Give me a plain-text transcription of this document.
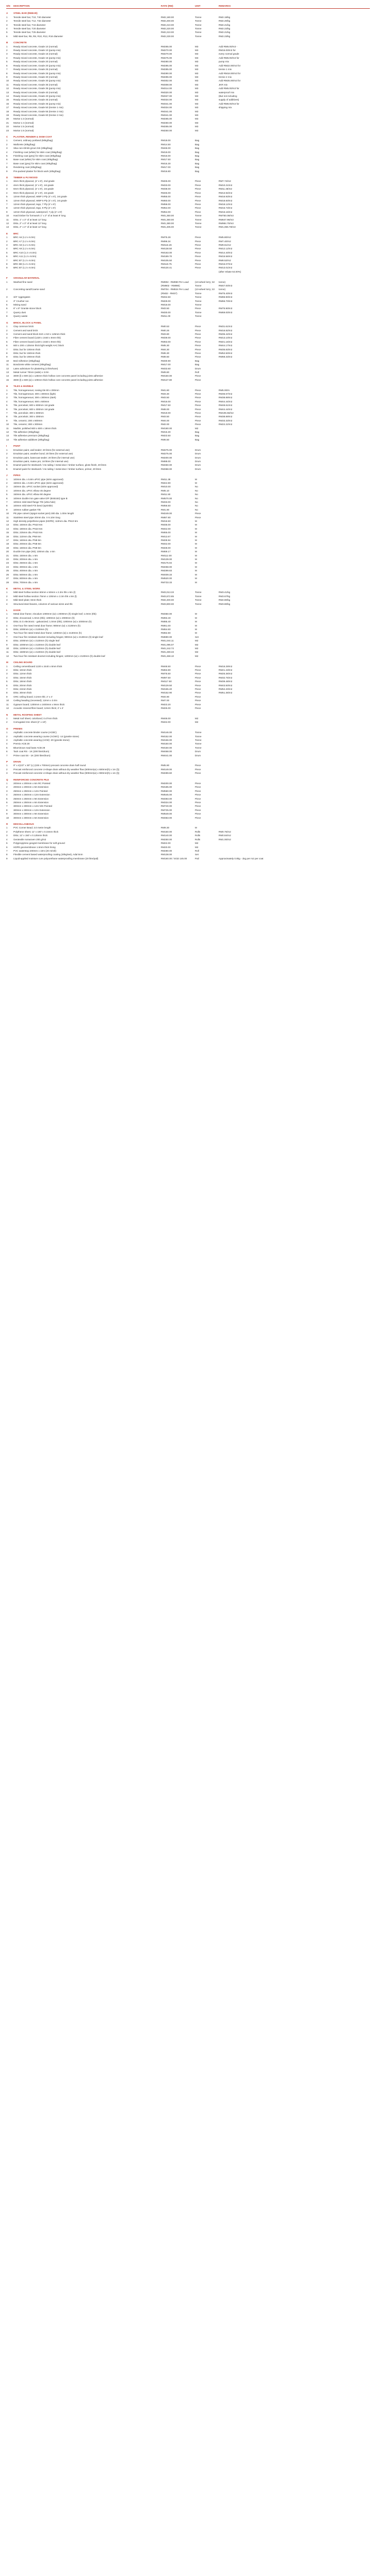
S/N	DESCRIPTION	RATE (RM)	UNIT	REMARKS
A	STEEL BAR (REBAR)
1	Tensile steel bar, T10, T40 diameter	RM2,180.00	Tonne	RM2.18/kg
2	Tensile steel bar, T12, T32 diameter	RM2,200.00	Tonne	RM2.20/kg
3	Tensile steel bar, T16 diameter	RM2,210.00	Tonne	RM2.21/kg
4	Tensile steel bar, T20 diameter	RM2,220.00	Tonne	RM2.22/kg
5	Tensile steel bar, T25 diameter	RM2,210.00	Tonne	RM2.21/kg
6	Mild steel bar, R6, R8, R10, R12, R16 diameter	RM2,230.00	Tonne	RM2.23/kg
B	CONCRETE
1	Ready mixed concrete, Grade 10 (normal)	RM265.00	M3	Add RM5.00/m3 -
2	Ready mixed concrete, Grade 10 (pump mix)	RM270.00	M3	RM15.00/m3 for
3	Ready mixed concrete, Grade 15 (normal)	RM270.00	M3	every normal grade
4	Ready mixed concrete, Grade 15 (pump mix)	RM275.00	M3	Add RM6.00/m3 for
5	Ready mixed concrete, Grade 20 (normal)	RM280.00	M3	pump mix
6	Ready mixed concrete, Grade 20 (pump mix)	RM285.00	M3	Add RM22.00/m3 for
7	Ready mixed concrete, Grade 25 (normal)	RM285.00	M3	tremie 1 mix
8	Ready mixed concrete, Grade 25 (pump mix)	RM290.00	M3	Add RM18.00/m3 for
9	Ready mixed concrete, Grade 30 (normal)	RM296.00	M3	tremie 2 mix
10	Ready mixed concrete, Grade 30 (pump mix)	RM302.00	M3	Add RM25.00/m3 for
11	Ready mixed concrete, Grade 35 (normal)	RM308.00	M3	JKR mix
12	Ready mixed concrete, Grade 35 (pump mix)	RM314.00	M3	Add RM5.00/m3 for
13	Ready mixed concrete, Grade 40 (normal)	RM320.00	M3	waterproof mix
14	Ready mixed concrete, Grade 40 (pump mix)	RM327.00	M3	(But not including
15	Ready mixed concrete, Grade 45 (normal)	RM334.00	M3	supply of additives)
16	Ready mixed concrete, Grade 45 (pump mix)	RM341.00	M3	Add RM8.00/m3 for
17	Ready mixed concrete, Grade 50 (tremie 1 mix)	RM334.00	M3	shipping mix
18	Ready mixed concrete, Grade 55 (tremie 2 mix)	RM341.00	M3
19	Ready mixed concrete, Grade 60 (tremie 2 mix)	RM341.00	M3
20	Mortar 1:3 (normal)	RM265.00	M3
21	Mortar 1:4 (normal)	RM260.00	M3
22	Mortar 1:5 (normal)	RM255.00	M3
23	Mortar 1:6 (normal)	RM250.00	M3
C	PLASTER, RENDER & SKIM COAT
1	Cement, ordinary portland (50kg/bag)	RM18.00	Bag
2	Wallcrete (40kg/bag)	RM14.50	Bag
3	Sika non-shrink grout 215 (25kg/bag)	RM48.00	Bag
4	Finishing coat (white) for skim coat (25kg/bag)	RM19.00	Bag
5	Finishing coat (grey) for skim coat (40kg/bag)	RM16.00	Bag
6	Base coat (white) for skim coat (40kg/bag)	RM17.50	Bag
7	Base coat (grey) for skim coat (40kg/bag)	RM15.30	Bag
8	Rendering coat (40kg/bag)	RM17.00	Bag
9	Pre-packed plaster for block work (40kg/bag)	RM16.80	Bag
D	TIMBER & PLYWOOD
1	3mm thick plywood, (4' x 8'), 2nd grade	RM25.00	Piece	RM7.74/m2
2	4mm thick plywood, (4' x 8'), 1st grade	RM33.00	Piece	RM10.21/m2
3	6mm thick plywood, (4' x 8'), 1st grade	RM38.00	Piece	RM11.46/m2
4	9mm thick plywood, (4' x 8'), 1st grade	RM45.00	Piece	RM13.94/m2
5	12mm thick plywood, WBP 3 Ply (4' x 8'), 1st grade	RM55.00	Piece	RM16.93/m2
6	12mm thick plywood, WBP 5 Ply (4' x 8'), 1st grade	RM60.00	Piece	RM18.60/m2
7	12mm thick plywood, tego, 7 Ply (4' x 8')	RM58.00	Piece	RM18.12/m2
8	12mm thick plywood, tego, 9 Ply (4' x 8')	RM54.00	Piece	RM16.73/m2
9	12mm thick plywood, waterproof, 7 ply (4' x 8')	RM54.00	Piece	RM16.16/m2
10	Hard timber for formwork 1" x 2" of at least 8' long	RM1,350.00	Tonne	RM750.08/m3
11	Ditto, 1" x 3" of at least 12' long	RM1,360.00	Tonne	RM847.96/m3
12	Ditto, 2" x 3" of at least 12' long	RM1,380.00	Tonne	RM984.70/m3
13	Ditto, 2" x 4" of at least 12' long	RM1,405.00	Tonne	RM1,066.78/m3
E	BRC
1	BRC A6 (1.2 x 6.0m)	RM75.28	Piece	RM5.80/m2
2	BRC A7 (1.2 x 6.0m)	RM96.34	Piece	RM7.40/m2
3	BRC A8 (1.2 x 6.0m)	RM116.26	Piece	RM9.61/m2
4	BRC A9 (1.2 x 6.0m)	RM138.50	Piece	RM12.12/m2
5	BRC A10 (1.2 x 6.0m)	RM163.00	Piece	RM14.40/m2
6	BRC A11 (1.2 x 6.0m)	RM189.70	Piece	RM15.56/m2
7	BRC B7 (1.2 x 6.0m)	RM105.50	Piece	RM8.52/m2
8	BRC B8 (1.2 x 6.0m)	RM119.75	Piece	RM15.07/m2
9	BRC B7 (1.2 x 6.0m)	RM130.41	Piece	RM13.01/m2
(after rebate 64.00%)
F	GRANULAR MATERIAL
1	Washed fine sand	RM902 - RM990 Per Load	(10-wheel lorry; 32	tonne)
(RM902 - RM990)	Tonne	RM47.00/m3
2	Concreting sand/Coarse sand	RM704 - RM824 Per Load	(10-wheel lorry; 22	tonne)
(RM32 - RM37)	Tonne	RM75.40/m3
3	3/4" Aggregates	RM34.50	Tonne	RM86.90/m3
4	3" Crusher run	RM29.00	Tonne	RM66.70/m3
5	Mining sand	RM16.00	Tonne
6	6" x 9" Granite stone block	RM3.50	Piece	RM75.90/m3
7	Quarry dust	RM30.00	Tonne	RM69.00/m3
8	Quarry waste	RM11.00	Tonne
G	BRICK, BLOCK & PANEL
1	Clay common brick	RM0.53	Piece	RM31.61/m2
2	Cement and sand brick	RM0.26	Piece	RM16.82/m2
3	Cement and sand block 610 x 210 x 125mm thick	RM3.80	Piece	RM35.42/m2
4	Fibre cement board (1220 x 2440 x 6mm thk)	RM39.00	Piece	RM13.10/m2
5	Fibre cement board (1220 x 2440 x 9mm thk)	RM63.00	Piece	RM21.16/m2
6	600 x 200 x 125mm thick light weight AAC block	RM5.30	Piece	RM44.17/m2
7	Ditto; but for 100mm thick	RM4.30	Piece	RM35.83/m2
8	Ditto; but for 150mm thick	RM6.30	Piece	RM52.50/m2
9	Ditto; but for 200mm thick	RM8.60	Piece	RM68.33/m2
10	Bed Adhesive (40kg/bag)	RM30.90	Bag
11	Bondcrete white cement (20kg/bag)	RM17.00	Bag
12	Latex admixture for plastering (4 litre/tune)	RM33.60	Drum
13	Metal runner 70mm (wide) x 3.0m	RM9.80	Roll
14	3000 (l) x 600 (w) x 125mm thick hollow core concrete panel including joints adhesive	RM150.00	Piece
15	3000 (l) x 600 (w) x 100mm thick hollow core concrete panel including joints adhesive	RM127.80	Piece
H	TILES & MARBLE
1	Tile, homogeneous; nosing tile 80 x 200mm	RM1.80	Piece	RM5.00/m
2	Tile, homogeneous; 300 x 300mm (light)	RM3.30	Piece	RM36.67/m2
3	Tile, homogeneous; 300 x 300mm (dark)	RM3.50	Piece	RM38.89/m2
4	Tile, homogeneous; 600 x 600mm	RM16.00	Piece	RM44.44/m2
5	Tile, porcelain; 600 x 600mm 1st grade	RM17.50	Piece	RM48.61/m2
6	Tile, porcelain; 600 x 300mm 1st grade	RM8.00	Piece	RM44.44/m2
7	Tile, porcelain; 300 x 600mm	RM19.00	Piece	RM105.56/m2
8	Tile, porcelain; 300 x 300mm	RM3.50	Piece	RM38.89/m2
9	Tile, ceramic; 200 x 600mm	RM4.00	Piece	RM33.33/m2
10	Tile, ceramic; 300 x 300mm	RM2.00	Piece	RM22.22/m2
11	Marble; polished 600 x 600 x 18mm thick	RM180.00	M2
12	Tile adhesive (25kg/bag)	RM15.30	Bag
13	Tile adhesive premium (25kg/bag)	RM23.50	Bag
14	Tile adhesive additives (20kg/bag)	RM6.50	Bag
I	PAINT
1	Emulsion paint, wall sealer; 20 litres (for external use)	RM275.00	Drum
2	Emulsion paint, weather bond; 20 litres (for external use)	RM275.00	Drum
3	Emulsion paint, basecoat sealer; 20 litres (for internal use)	RM200.00	Drum
4	Emulsion paint, matex pro; 18 litres (for internal use)	RM88.00	Drum
5	Enamel paint for steelwork / ms railing / metal door / timber surface, gloss finish, 20 litres	RM450.00	Drum
6	Enamel paint for steelwork / ms railing / metal door / timber surface, primer, 20 litres	RM368.00	Drum
J	PIPES
1	100mm dia. x 5.8m uPVC pipe (sirim approved)	RM11.38	M
2	150mm dia. x 5.8m uPVC pipe (sirim approved)	RM24.90	M
3	150mm dia. uPVC socket (sirim approved)	RM10.00	No
4	100mm dia. uPVC elbow 45 degree	RM5.10	No
5	150mm dia. uPVC elbow 90 degree	RM11.50	No
6	100mm ductile iron gate valve D/F (BS5163) type B	RM570.00	No
7	100mm mild steel flange T/E (ultra hole)	RM33.00	No
8	100mm mild steel F/S bend (sprinkle)	RM56.50	No
9	100mm rubber gasket T/E	RM1.90	No
10	PE pipe culvert (spigot socket joint) 300 dia. 1.00m length	RM249.00	Piece
11	Stainless steel pipe 20mm dia. X 6.10m long	RM87.80	Piece
12	High density polyethene pipes (HDPE); 110mm dia. PN10 6m	RM16.50	M
13	Ditto; 160mm dia. PN10 6m	RM35.00	M
14	Ditto; 180mm dia. PN10 6m	RM42.00	M
15	Ditto; 225mm dia. PN10 6m	RM65.00	M
16	Ditto; 110mm dia. PN8 6m	RM13.67	M
17	Ditto; 160mm dia. PN8 6m	RM28.94	M
18	Ditto; 200mm dia. PN8 6m	RM42.00	M
19	Ditto; 160mm dia. PN8 6m	RM28.00	M
20	Ductile iron pipe (K9); 100mm dia. x 6m	RM69.17	M
21	Ditto; 150mm dia. x 6m	RM112.00	M
22	Ditto; 200mm dia. x 6m	RM139.00	M
23	Ditto; 250mm dia. x 6m	RM176.94	M
24	Ditto; 300mm dia. x 6m	RM258.00	M
25	Ditto; 400mm dia. x 6m	RM299.83	M
26	Ditto; 500mm dia. x 6m	RM409.33	M
27	Ditto; 600mm dia. x 6m	RM520.00	M
28	Ditto; 700mm dia. x 6m	RM733.33	M
K	METAL & STEEL WORK
1	Mild steel hollow section 50mm x 50mm x 2.3m thk x 6m (l)	RM3,013.33	Tonne	RM3.41/kg
2	Mild steel hollow section 75mm x 100mm x 2.3m thk x 6m (l)	RM3,672.85	Tonne	RM3.67/kg
3	Mild steel plate; 6mm thick	RM2,400.00	Tonne	RM2.80/kg
4	Structural steel beams, columns of various sizes and thk	RM3,800.00	Tonne	RM3.80/kg
L	DOOR
1	Metal door frame; zincalum 1000mm (w) x 2000mm (h) single leaf; 1.0mm (thk)	RM350.00	M
2	Ditto; zincanneal; 1.0mm (thk); 1000mm (w) x 2000mm (h)	RM93.40	M
3	Ditto; E.G electronic - galvanized; 1.0mm (thk); 1000mm (w) x 2000mm (h)	RM85.40	M
4	One-hour fire rated metal door frame; 900mm (w) x 2130mm (h)	RM61.00	M
5	Ditto; 1000mm (w) x 2130mm (h)	RM64.60	M
6	Two-hour fire rated metal door frame; 1200mm (w) x 2130mm (h)	RM82.80	M
7	One-hour fire resistant doorset including hinges; 900mm (w) x 2130mm (h) single leaf	RM890.00	Set
8	Ditto; 1000mm (w) x 2130mm (h) single leaf	RM1,044.11	M2
9	Ditto; 1000mm (w) x 2130mm (h) double leaf	RM1,095.07	M2
10	Ditto; 1200mm (w) x 2130mm (h) double leaf	RM1,242.72	M2
11	Ditto; 1500mm (w) x 2130mm (h) double leaf	RM1,269.33	M2
12	Two-hour fire resistant doorset including hinges; 1200mm (w) x 2130mm (h) double leaf	RM1,468.10	M2
M	CEILING BOARD
1	Ceiling cementboard 1220 x 2440 x 8mm thick	RM48.50	Piece	RM16.29/m2
2	Ditto; 10mm thick	RM63.80	Piece	RM21.43/m2
3	Ditto; 12mm thick	RM75.50	Piece	RM25.36/m2
4	Ditto; 15mm thick	RM97.50	Piece	RM32.75/m2
5	Ditto; 18mm thick	RM117.50	Piece	RM39.48/m2
6	Ditto; 20mm thick	RM129.50	Piece	RM43.50/m2
7	Ditto; 24mm thick	RM155.40	Piece	RM52.20/m2
8	Ditto; 30mm thick	RM152.90	Piece	RM51.36/m2
9	GRC ceiling board; 3.2mm thk; 2' x 4'	RM4.90	Piece
10	Ceiling beading (recessed); 12mm x 3.0m	RM7.00	Piece
11	Gypsum board; 1200mm x 2400mm x 9mm thick	RM23.20	Piece
12	Acoustic mineral fibre board; 12mm thick; 2' x 4'	RM25.00	Piece
N	METAL ROOFING SHEET
1	Metal roof sheet; colorbond; 0.47mm thick	RM48.00	M2
2	Corrugated zinc sheet (2' x 10')	RM42.00	M2
O	PREMIX
1	Asphaltic concrete binder course (ACBC)	RM146.00	Tonne
2	Asphaltic concrete wearing course (ACWC) -14 (granite stone)	RM152.00	Tonne
3	Asphaltic concrete wearing (ACW) -20 (granite stone)	RM156.00	Tonne
4	Premix ACB 28	RM150.00	Tonne
5	Bituminous road base ACB 28	RM150.00	Tonne
6	Tack coat RS - 1K (200 litre/drum)	RM468.00	Drum
7	Prime coat SS - 1K (200 litre/drum)	RM441.00	Drum
P	DRAIN
1	9" x 4(1/2" x 30" (L) (225 x 700mm) precast concrete drain half round	RM5.90	Piece
2	Precast reinforced concrete U-shape drain without dry weather flow (600mm(w) x 600mm(h) x 1m (l))	RM149.00	Piece
3	Precast reinforced concrete U-shape drain without dry weather flow (900mm(w) x 900mm(h) x 1m (l))	RM289.60	Piece
Q	REINFORCED CONCRETE PILE
1	200mm x 200mm x 6m RC Pointed	RM200.00	Piece
2	200mm x 200mm x 6m Extension	RM185.00	Piece
3	250mm x 250mm x 12m Pointed	RM560.00	Piece
4	250mm x 250mm x 12m Extension	RM545.00	Piece
5	250mm x 250mm x 9m Extension	RM393.00	Piece
6	250mm x 250mm x 6m Extension	RM324.00	Piece
7	300mm x 300mm x 12m N/S Pointed	RM740.00	Piece
8	300mm x 300mm x 12m Extension	RM725.00	Piece
9	300mm x 300mm x 9m Extension	RM549.00	Piece
10	300mm x 300mm x 6m Extension	RM363.00	Piece
R	MISCELLANEOUS
1	PVC Corner Bead; 3.0 metre length	RM9.30	M
2	Polythene sheet; 12' x 180' x 0.15mm thick	RM150.00	Rolls	RM0.75/m2
3	Ditto; 12' x 150' x 0.125mm thick	RM140.00	Rolls	RM0.84/m2
4	Geotextile nonwoven 200 g/m2	RM250.00	Rolls	RM1.00/m2
5	Polypropylene geogrid membrane for soft ground	RM22.00	M2
6	HDPE geomembrane 1.5mm thick lining	RM20.00	M2
7	PVC waterstop 200mm x 10m (20 m/roll)	RM280.00	Roll
8	Flexible cement based waterproofing coating (20kg/set), Adal 5nm	RM138.00	Set
9	Liquid-applied moisture cure polyurethane waterproofing membrane (20 litre/pail)	RM160.00 / SGD 145.00	Pail	Approximately 0.8kg - 1kg per m2 per coat
